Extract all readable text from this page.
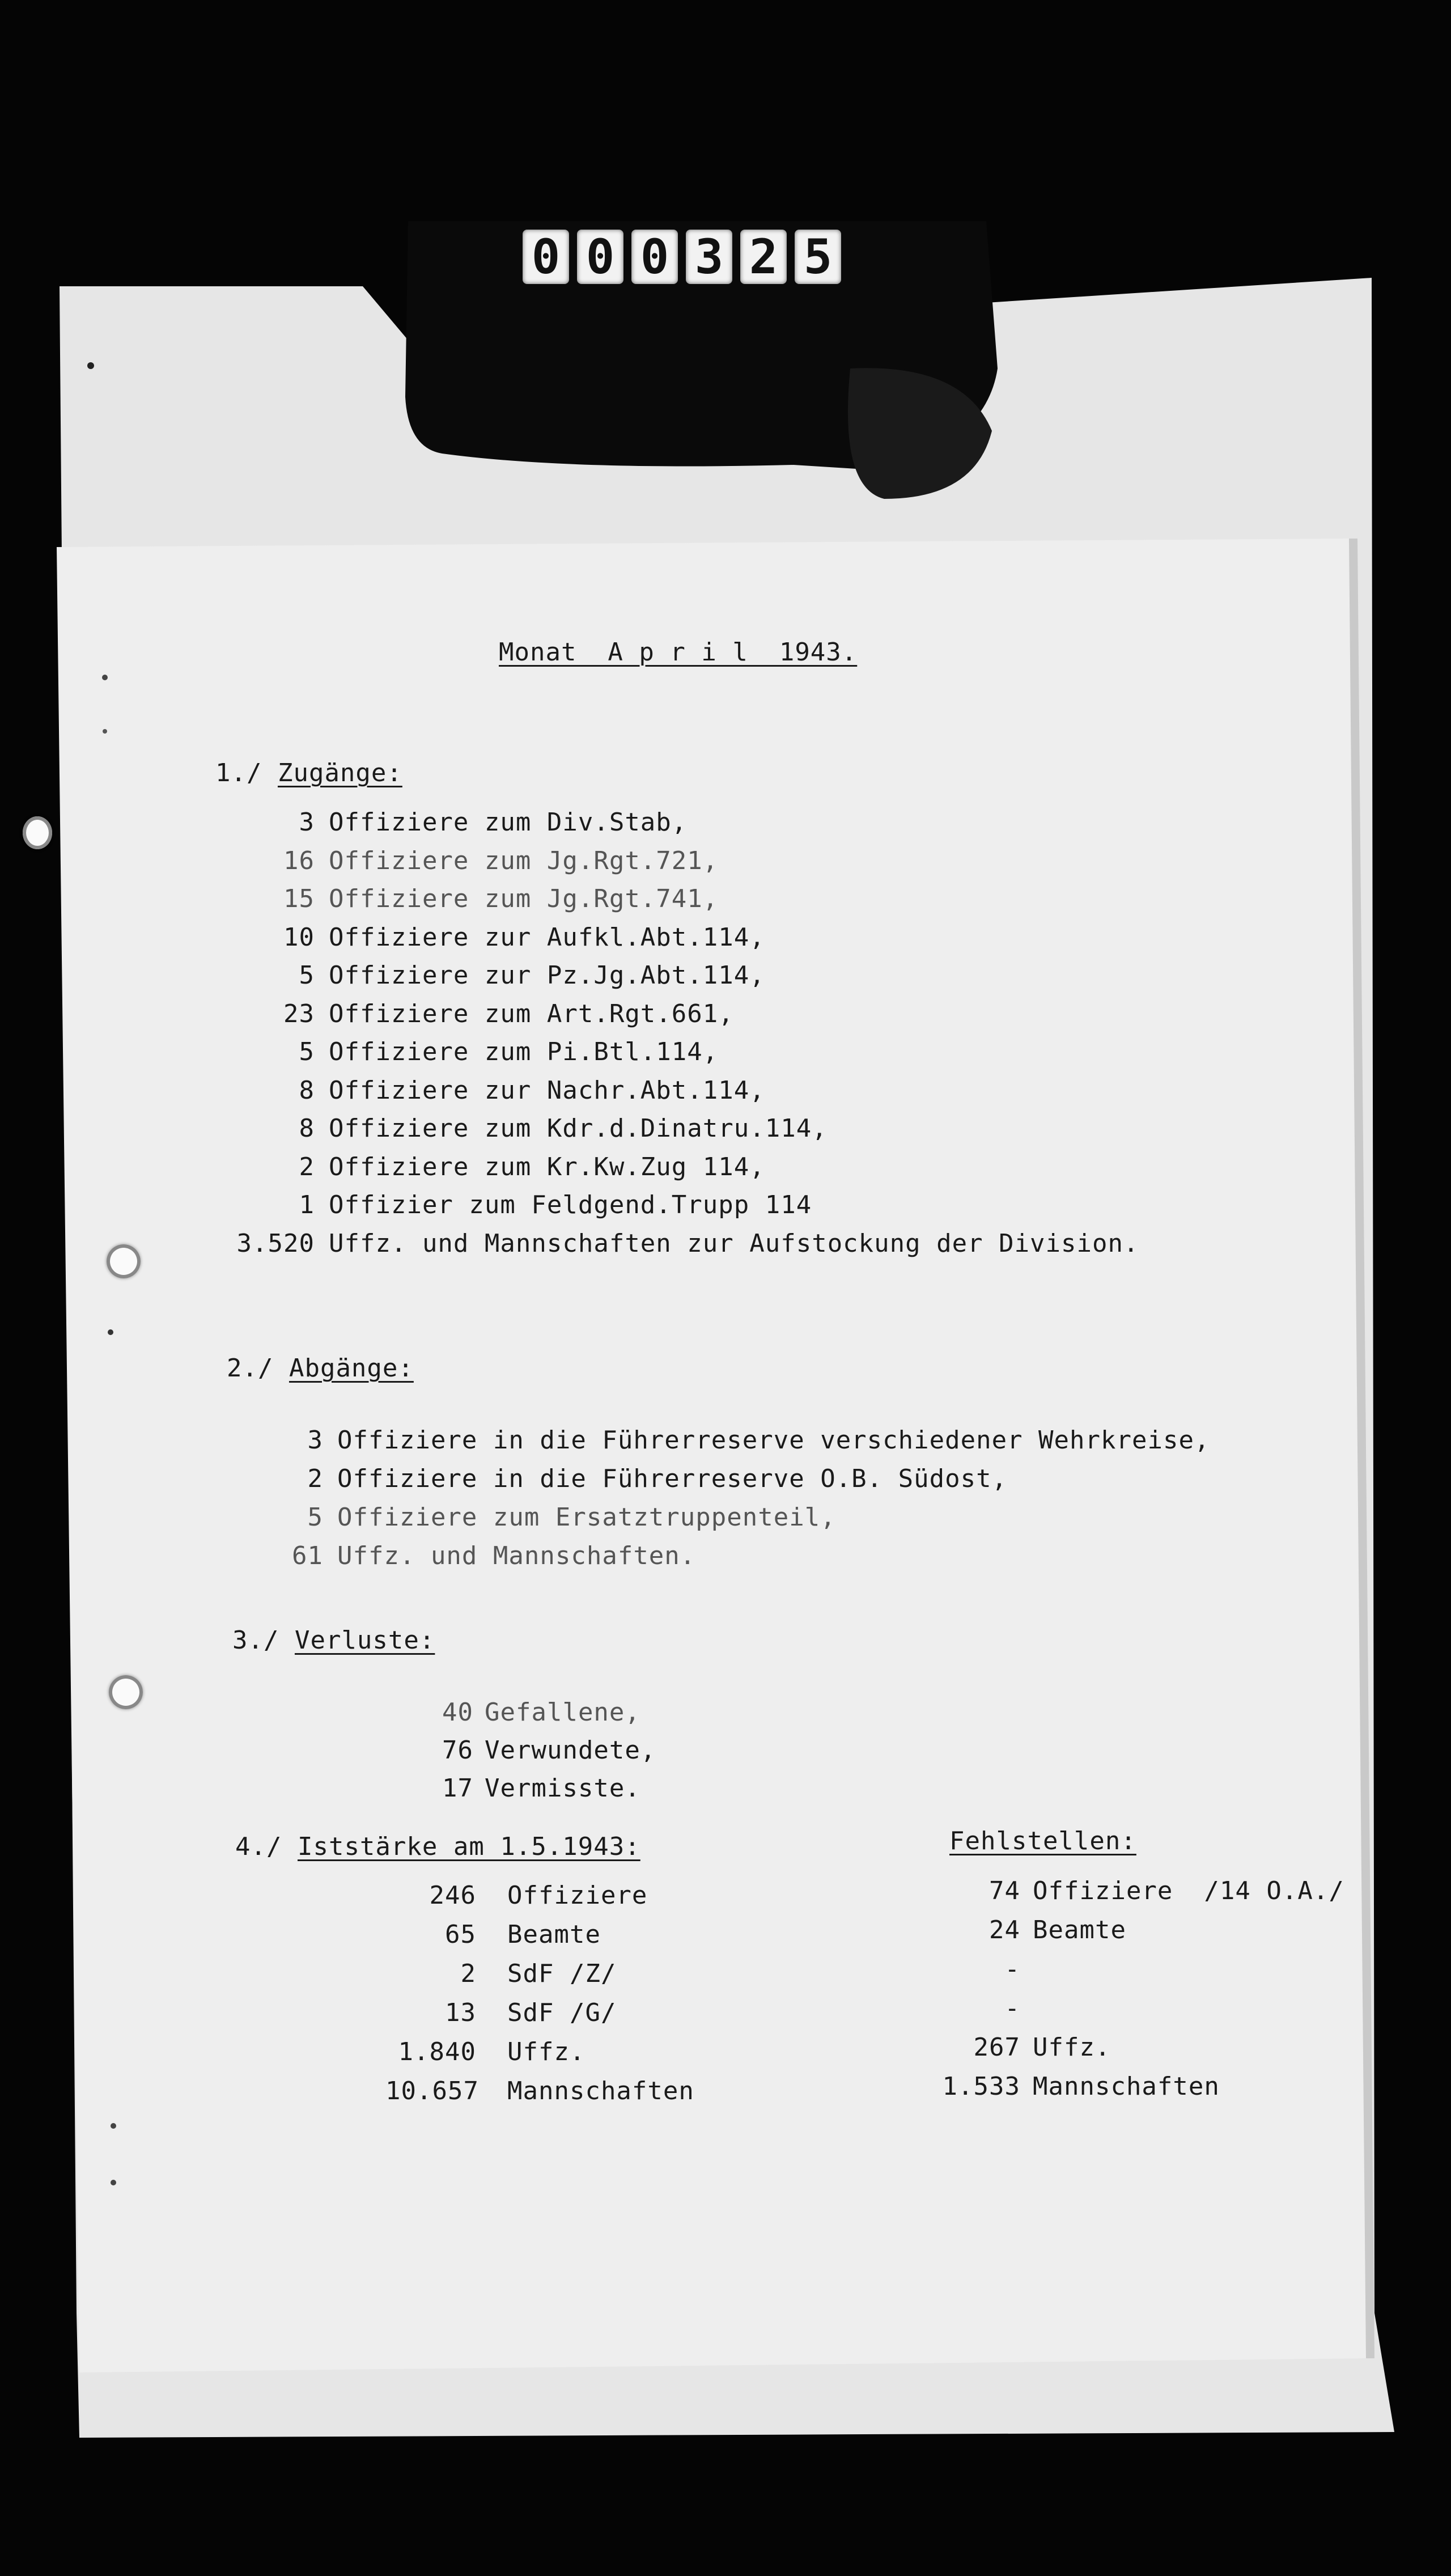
0 0 0 3 2 5
Monat  A p r i l  1943.
1./ Zugänge:
3 Offiziere zum Div.Stab,
16 Offiziere zum Jg.Rgt.721,
15 Offiziere zum Jg.Rgt.741,
10 Offiziere zur Aufkl.Abt.114,
5 Offiziere zur Pz.Jg.Abt.114,
23 Offiziere zum Art.Rgt.661,
5 Offiziere zum Pi.Btl.114,
8 Offiziere zur Nachr.Abt.114,
8 Offiziere zum Kdr.d.Dinatru.114,
2 Offiziere zum Kr.Kw.Zug 114,
1 Offizier zum Feldgend.Trupp 114
3.520 Uffz. und Mannschaften zur Aufstockung der Division.
2./ Abgänge:
3 Offiziere in die Führerreserve verschiedener Wehrkreise,
2 Offiziere in die Führerreserve O.B. Südost,
5 Offiziere zum Ersatztruppenteil,
61 Uffz. und Mannschaften.
3./ Verluste:
40 Gefallene,
76 Verwundete,
17 Vermisste.
4./ Iststärke am 1.5.1943:
246 Offiziere
65 Beamte
2 SdF /Z/
13 SdF /G/
1.840 Uffz.
10.657 Mannschaften
Fehlstellen:
74 Offiziere  /14 O.A./
24 Beamte
-
-
267 Uffz.
1.533 Mannschaften
